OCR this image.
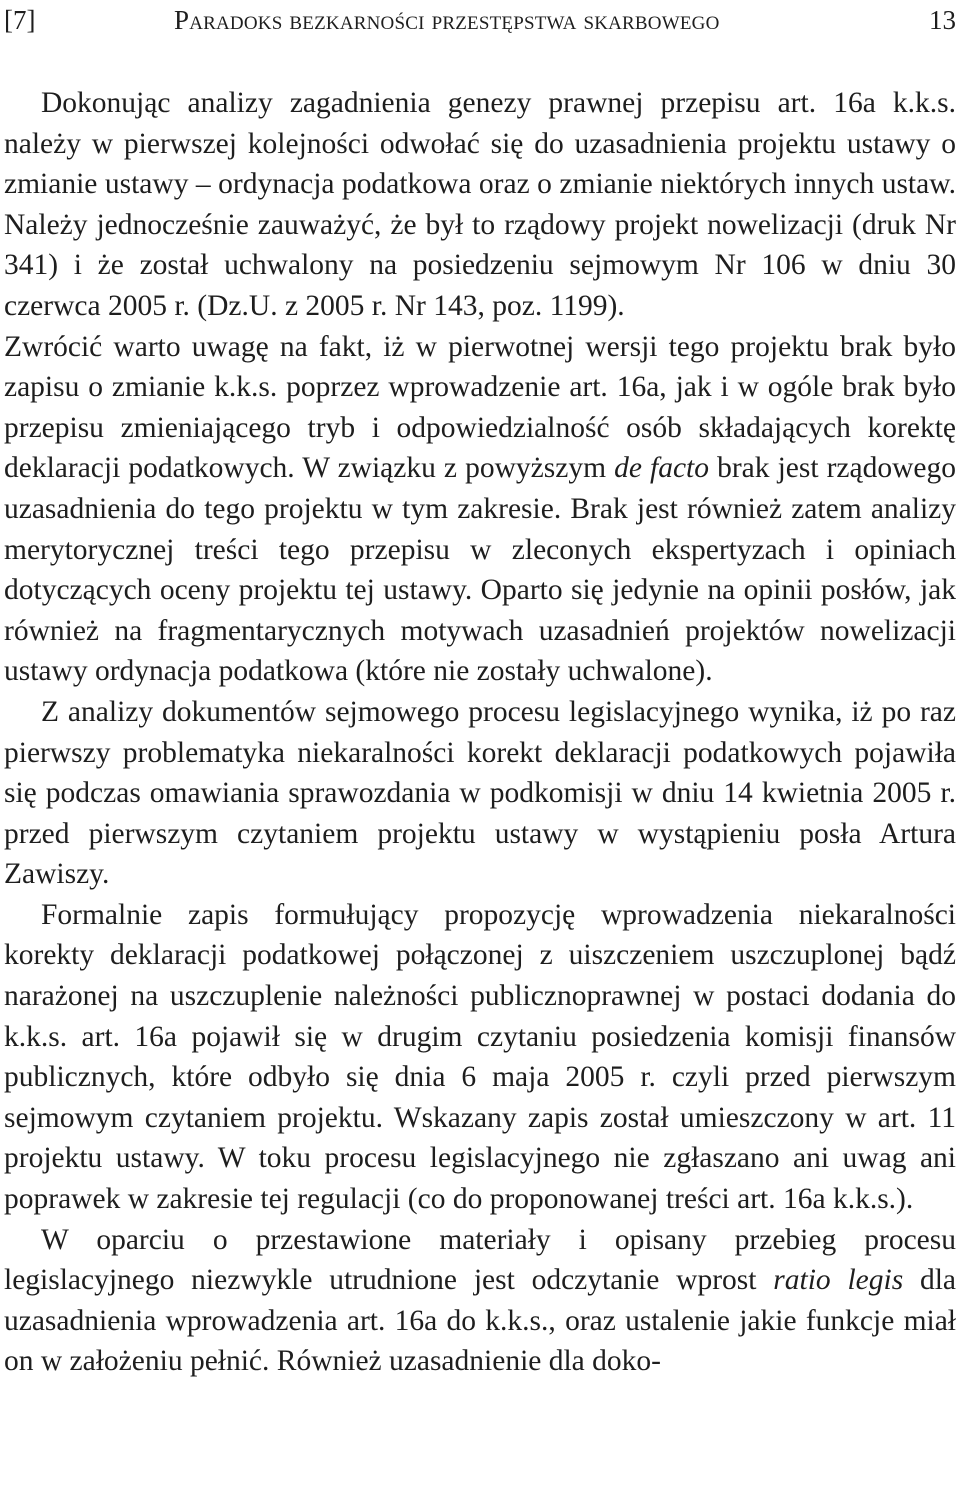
[7]	Paradoks bezkarności przestępstwa skarbowego	13

Dokonując analizy zagadnienia genezy prawnej przepisu art. 16a k.k.s. należy w pierwszej kolejności odwołać się do uzasadnienia projektu ustawy o zmianie ustawy – ordynacja podatkowa oraz o zmianie niektórych innych ustaw. Należy jednocześnie zauważyć, że był to rządowy projekt nowelizacji (druk Nr 341) i że został uchwalony na posiedzeniu sejmowym Nr 106 w dniu 30 czerwca 2005 r. (Dz.U. z 2005 r. Nr 143, poz. 1199).

Zwrócić warto uwagę na fakt, iż w pierwotnej wersji tego projektu brak było zapisu o zmianie k.k.s. poprzez wprowadzenie art. 16a, jak i w ogóle brak było przepisu zmieniającego tryb i odpowiedzialność osób składających korektę deklaracji podatkowych. W związku z powyższym de facto brak jest rządowego uzasadnienia do tego projektu w tym zakresie. Brak jest również zatem analizy merytorycznej treści tego przepisu w zleconych ekspertyzach i opiniach dotyczących oceny projektu tej ustawy. Oparto się jedynie na opinii posłów, jak również na fragmentarycznych motywach uzasadnień projektów nowelizacji ustawy ordynacja podatkowa (które nie zostały uchwalone).

Z analizy dokumentów sejmowego procesu legislacyjnego wynika, iż po raz pierwszy problematyka niekaralności korekt deklaracji podatkowych pojawiła się podczas omawiania sprawozdania w podkomisji w dniu 14 kwietnia 2005 r. przed pierwszym czytaniem projektu ustawy w wystąpieniu posła Artura Zawiszy.

Formalnie zapis formułujący propozycję wprowadzenia niekaralności korekty deklaracji podatkowej połączonej z uiszczeniem uszczuplonej bądź narażonej na uszczuplenie należności publicznoprawnej w postaci dodania do k.k.s. art. 16a pojawił się w drugim czytaniu posiedzenia komisji finansów publicznych, które odbyło się dnia 6 maja 2005 r. czyli przed pierwszym sejmowym czytaniem projektu. Wskazany zapis został umieszczony w art. 11 projektu ustawy. W toku procesu legislacyjnego nie zgłaszano ani uwag ani poprawek w zakresie tej regulacji (co do proponowanej treści art. 16a k.k.s.).

W oparciu o przestawione materiały i opisany przebieg procesu legislacyjnego niezwykle utrudnione jest odczytanie wprost ratio legis dla uzasadnienia wprowadzenia art. 16a do k.k.s., oraz ustalenie jakie funkcje miał on w założeniu pełnić. Również uzasadnienie dla doko-
